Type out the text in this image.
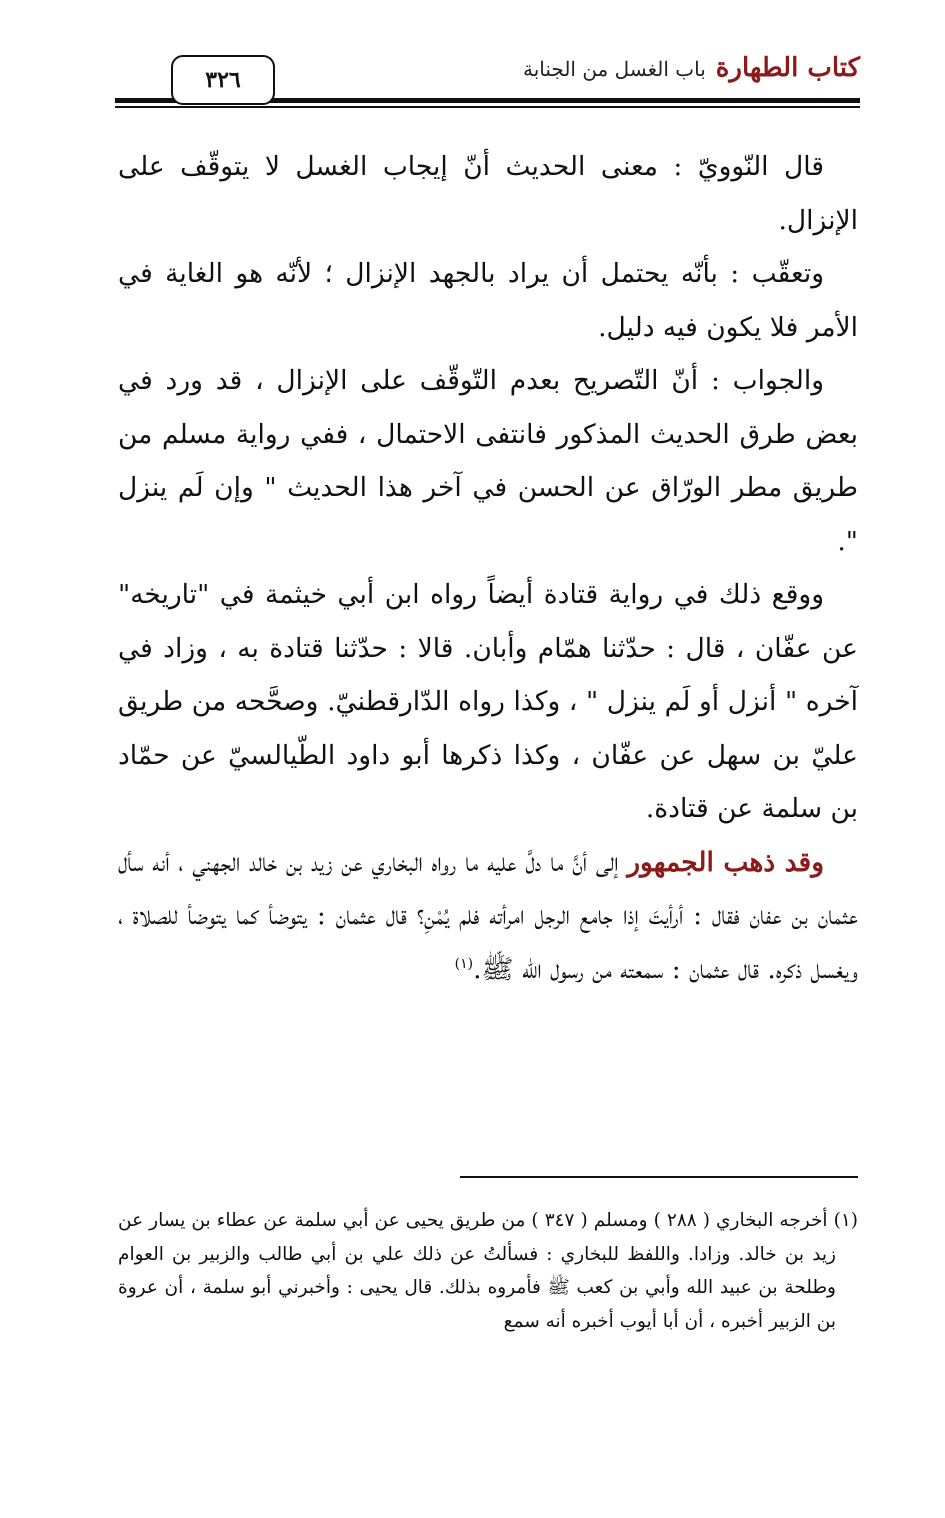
كتاب الطهارةباب الغسل من الجنابة
٣٢٦

قال النّوويّ : معنى الحديث أنّ إيجاب الغسل لا يتوقّف على الإنزال.

وتعقّب : بأنّه يحتمل أن يراد بالجهد الإنزال ؛ لأنّه هو الغاية في الأمر فلا يكون فيه دليل.

والجواب : أنّ التّصريح بعدم التّوقّف على الإنزال ، قد ورد في بعض طرق الحديث المذكور فانتفى الاحتمال ، ففي رواية مسلم من طريق مطر الورّاق عن الحسن في آخر هذا الحديث " وإن لَم ينزل ".

ووقع ذلك في رواية قتادة أيضاً رواه ابن أبي خيثمة في "تاريخه" عن عفّان ، قال : حدّثنا همّام وأبان. قالا : حدّثنا قتادة به ، وزاد في آخره " أنزل أو لَم ينزل " ، وكذا رواه الدّارقطنيّ. وصحَّحه من طريق عليّ بن سهل عن عفّان ، وكذا ذكرها أبو داود الطّيالسيّ عن حمّاد بن سلمة عن قتادة.

وقد ذهب الجمهور إلى أنَّ ما دلَّ عليه ما رواه البخاري عن زيد بن خالد الجهني ، أنه سأل عثمان بن عفان فقال : أرأيتَ إذا جامع الرجل امرأته فلم يُمْنِ؟ قال عثمان : يتوضأ كما يتوضأ للصلاة ، ويغسل ذكره. قال عثمان : سمعته من رسول الله ﷺ.$^{(١)}$

(١) أخرجه البخاري ( ٢٨٨ ) ومسلم ( ٣٤٧ ) من طريق يحيى عن أبي سلمة عن عطاء بن يسار عن زيد بن خالد. وزادا. واللفظ للبخاري : فسألتُ عن ذلك علي بن أبي طالب والزبير بن العوام وطلحة بن عبيد الله وأبي بن كعب ﷺ فأمروه بذلك. قال يحيى : وأخبرني أبو سلمة ، أن عروة بن الزبير أخبره ، أن أبا أيوب أخبره أنه سمع
